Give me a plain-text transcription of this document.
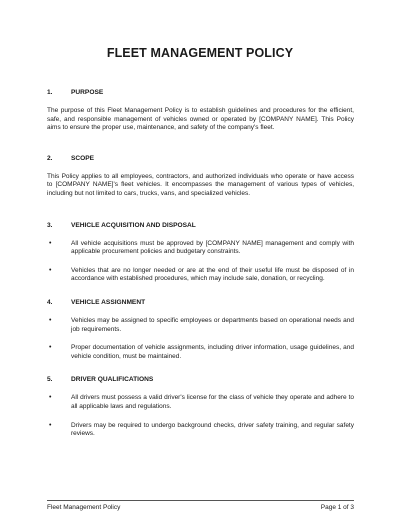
FLEET MANAGEMENT POLICY
1.	PURPOSE
The purpose of this Fleet Management Policy is to establish guidelines and procedures for the efficient, safe, and responsible management of vehicles owned or operated by [COMPANY NAME]. This Policy aims to ensure the proper use, maintenance, and safety of the company's fleet.
2.	SCOPE
This Policy applies to all employees, contractors, and authorized individuals who operate or have access to [COMPANY NAME]'s fleet vehicles. It encompasses the management of various types of vehicles, including but not limited to cars, trucks, vans, and specialized vehicles.
3.	VEHICLE ACQUISITION AND DISPOSAL
•	All vehicle acquisitions must be approved by [COMPANY NAME] management and comply with applicable procurement policies and budgetary constraints.
•	Vehicles that are no longer needed or are at the end of their useful life must be disposed of in accordance with established procedures, which may include sale, donation, or recycling.
4.	VEHICLE ASSIGNMENT
•	Vehicles may be assigned to specific employees or departments based on operational needs and job requirements.
•	Proper documentation of vehicle assignments, including driver information, usage guidelines, and vehicle condition, must be maintained.
5.	DRIVER QUALIFICATIONS
•	All drivers must possess a valid driver's license for the class of vehicle they operate and adhere to all applicable laws and regulations.
•	Drivers may be required to undergo background checks, driver safety training, and regular safety reviews.
Fleet Management Policy	Page 1 of 3
